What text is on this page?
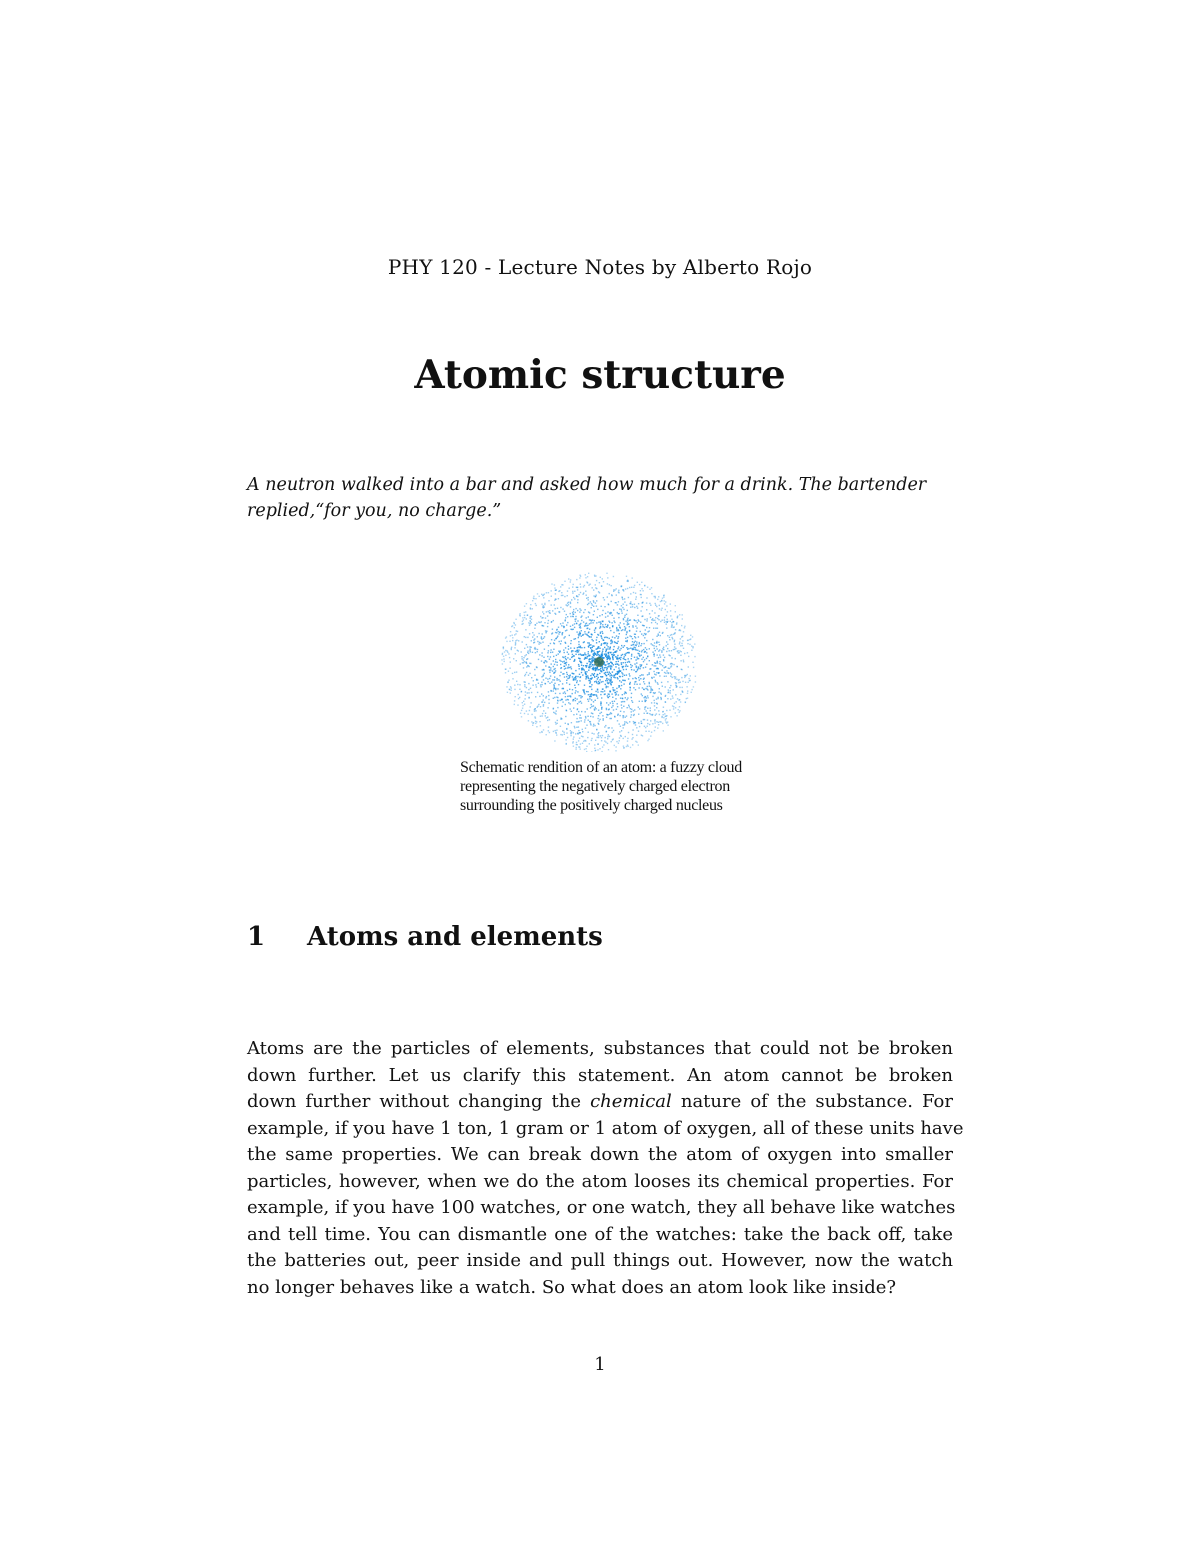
PHY 120 - Lecture Notes by Alberto Rojo
Atomic structure

A neutron walked into a bar and asked how much for a drink. The bartender
replied,“for you, no charge.”

Schematic rendition of an atom: a fuzzy cloud
representing the negatively charged electron
surrounding the positively charged nucleus
1 Atoms and elements

Atoms are the particles of elements, substances that could not be broken
down further. Let us clarify this statement. An atom cannot be broken
down further without changing the chemical nature of the substance. For
example, if you have 1 ton, 1 gram or 1 atom of oxygen, all of these units have
the same properties. We can break down the atom of oxygen into smaller
particles, however, when we do the atom looses its chemical properties. For
example, if you have 100 watches, or one watch, they all behave like watches
and tell time. You can dismantle one of the watches: take the back off, take
the batteries out, peer inside and pull things out. However, now the watch
no longer behaves like a watch. So what does an atom look like inside?

1
